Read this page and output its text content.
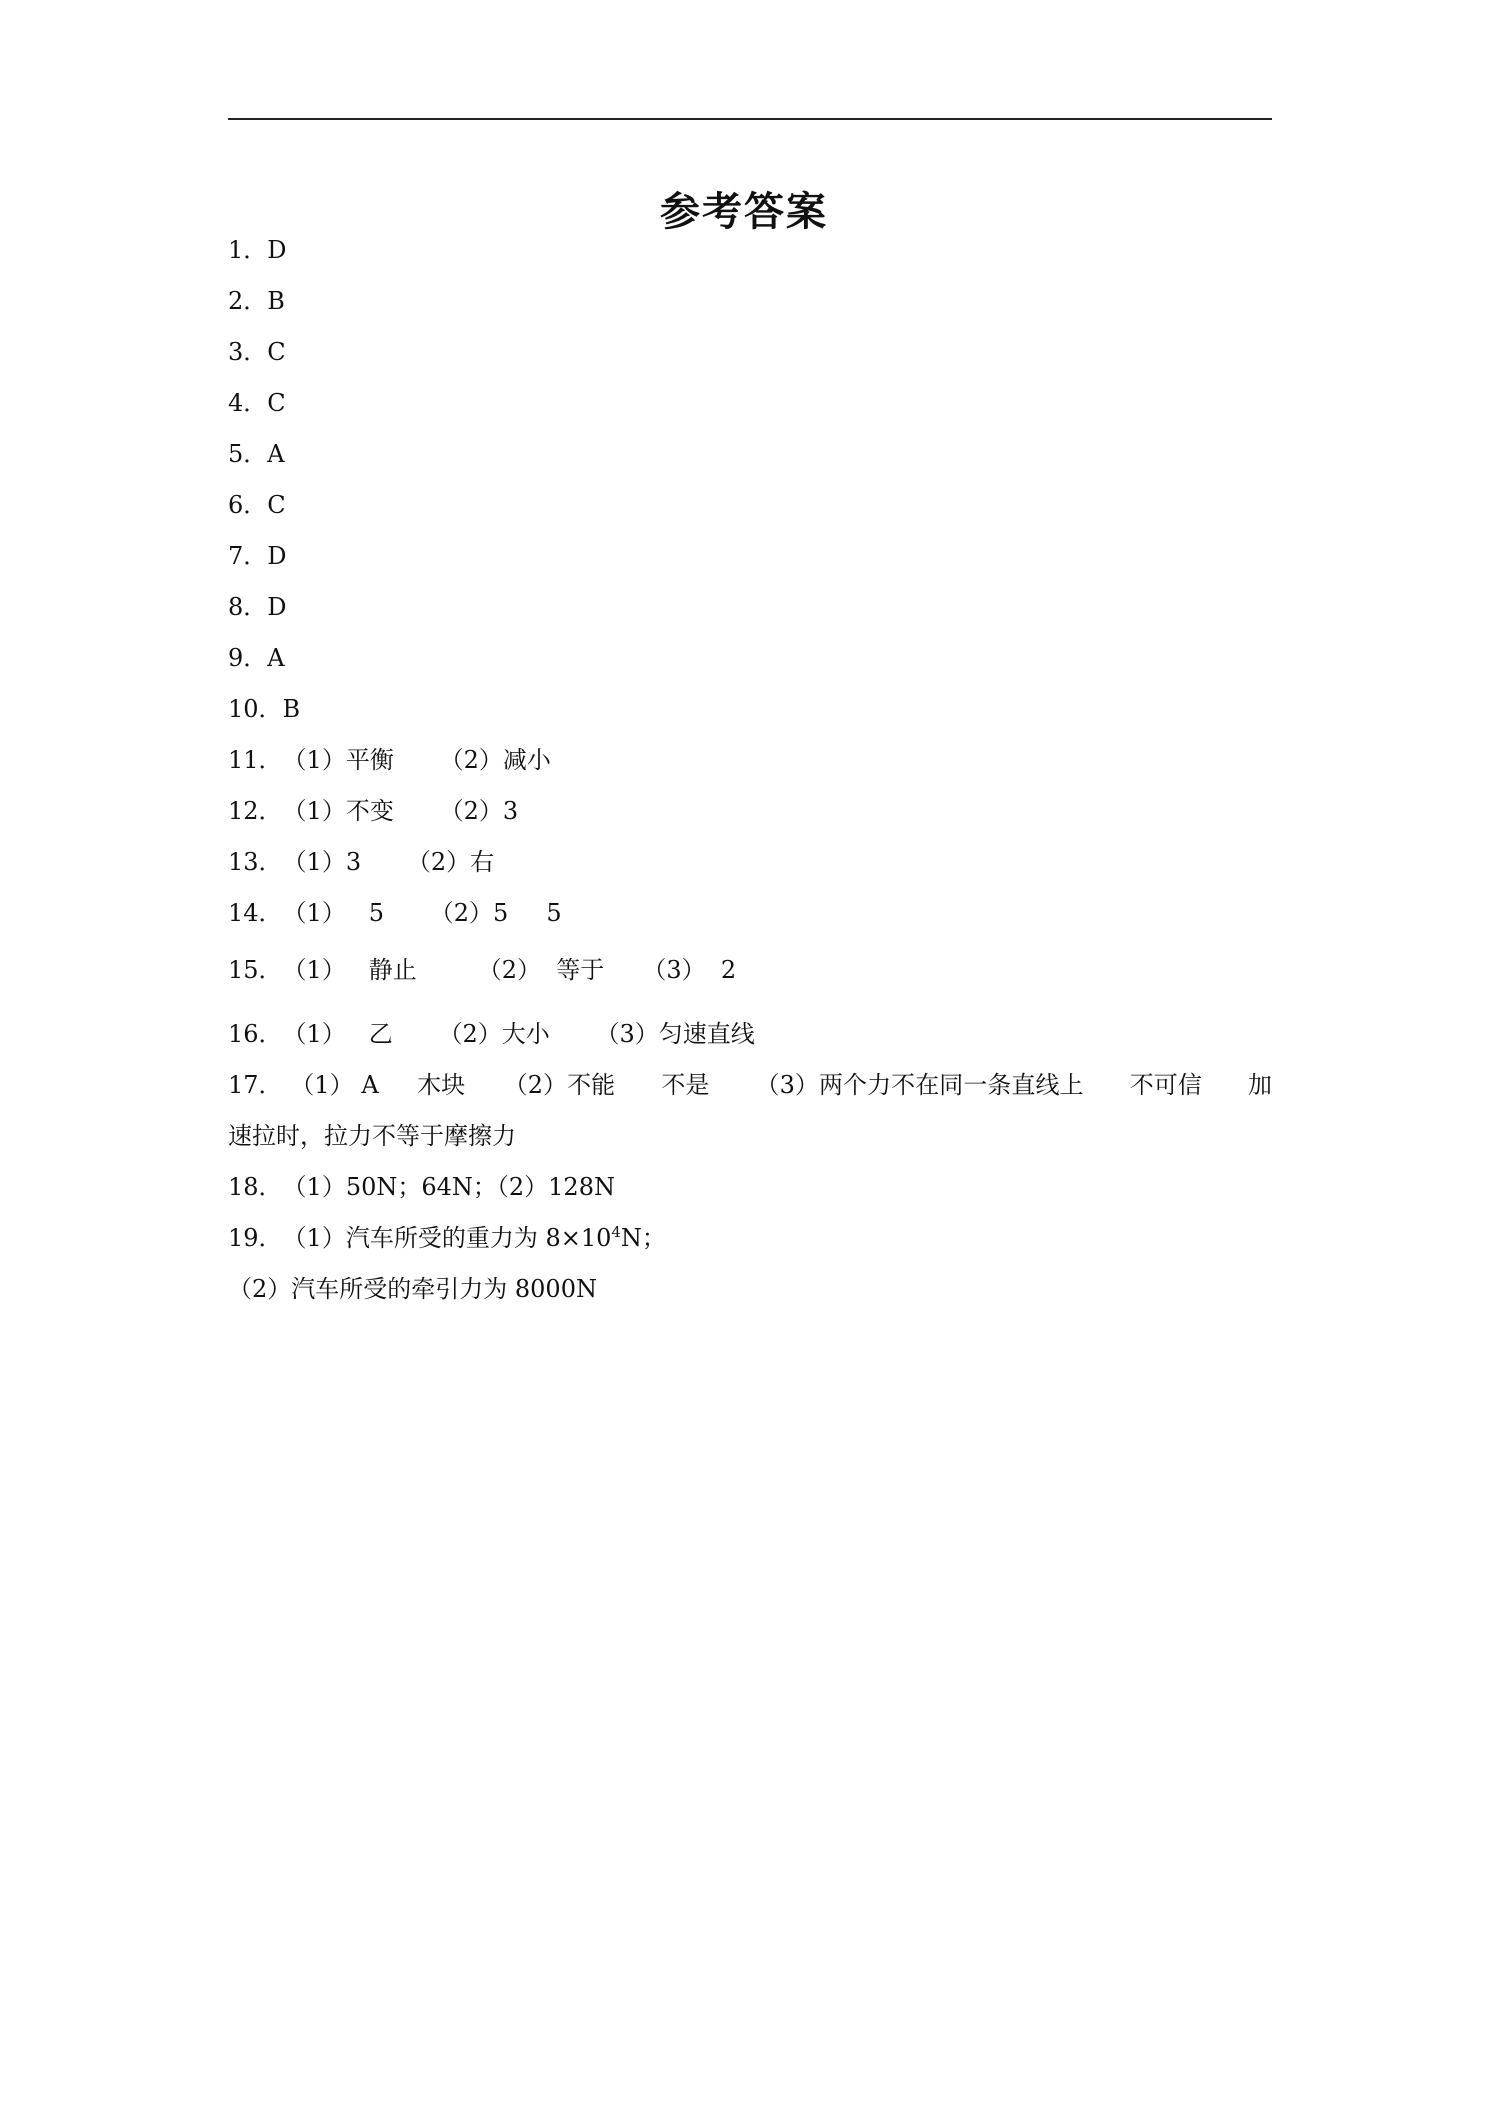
参考答案
1．D
2．B
3．C
4．C
5．A
6．C
7．D
8．D
9．A
10．B
11．（1）平衡      （2）减小
12．（1）不变      （2）3
13．（1）3      （2）右
14．（1）   5      （2）5     5
15．（1）   静止        （2）  等于     （3）  2
16．（1）   乙      （2）大小      （3）匀速直线
17． （1） A     木块     （2）不能      不是      （3）两个力不在同一条直线上      不可信      加
速拉时，拉力不等于摩擦力
18．（1）50N；64N；（2）128N
19．（1）汽车所受的重力为 $8\times 10^4N$；
（2）汽车所受的牵引力为 8000N
